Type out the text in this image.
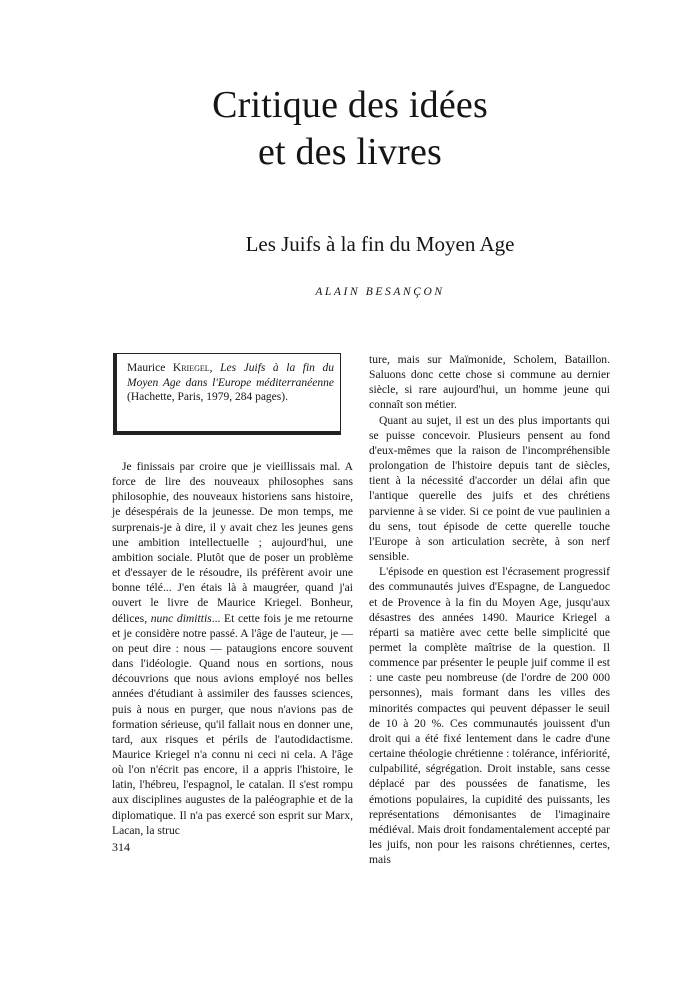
Critique des idées
et des livres
Les Juifs à la fin du Moyen Age
ALAIN BESANÇON
Maurice Kriegel, Les Juifs à la fin du Moyen Age dans l'Europe méditerranéenne (Hachette, Paris, 1979, 284 pages).

Je finissais par croire que je vieillissais mal. A force de lire des nouveaux philosophes sans philosophie, des nouveaux historiens sans histoire, je désespérais de la jeunesse. De mon temps, me surprenais-je à dire, il y avait chez les jeunes gens une ambition intellectuelle ; aujourd'hui, une ambition sociale. Plutôt que de poser un problème et d'essayer de le résoudre, ils préfèrent avoir une bonne télé... J'en étais là à maugréer, quand j'ai ouvert le livre de Maurice Kriegel. Bonheur, délices, nunc dimittis... Et cette fois je me retourne et je considère notre passé. A l'âge de l'auteur, je — on peut dire : nous — pataugions encore souvent dans l'idéologie. Quand nous en sortions, nous découvrions que nous avions employé nos belles années d'étudiant à assimiler des fausses sciences, puis à nous en purger, que nous n'avions pas de formation sérieuse, qu'il fallait nous en donner une, tard, aux risques et périls de l'autodidactisme. Maurice Kriegel n'a connu ni ceci ni cela. A l'âge où l'on n'écrit pas encore, il a appris l'histoire, le latin, l'hébreu, l'espagnol, le catalan. Il s'est rompu aux disciplines augustes de la paléographie et de la diplomatique. Il n'a pas exercé son esprit sur Marx, Lacan, la struc

ture, mais sur Maïmonide, Scholem, Bataillon. Saluons donc cette chose si commune au dernier siècle, si rare aujourd'hui, un homme jeune qui connaît son métier.

Quant au sujet, il est un des plus importants qui se puisse concevoir. Plusieurs pensent au fond d'eux-mêmes que la raison de l'incompréhensible prolongation de l'histoire depuis tant de siècles, tient à la nécessité d'accorder un délai afin que l'antique querelle des juifs et des chrétiens parvienne à se vider. Si ce point de vue paulinien a du sens, tout épisode de cette querelle touche l'Europe à son articulation secrète, à son nerf sensible.

L'épisode en question est l'écrasement progressif des communautés juives d'Espagne, de Languedoc et de Provence à la fin du Moyen Age, jusqu'aux désastres des années 1490. Maurice Kriegel a réparti sa matière avec cette belle simplicité que permet la complète maîtrise de la question. Il commence par présenter le peuple juif comme il est : une caste peu nombreuse (de l'ordre de 200 000 personnes), mais formant dans les villes des minorités compactes qui peuvent dépasser le seuil de 10 à 20 %. Ces communautés jouissent d'un droit qui a été fixé lentement dans le cadre d'une certaine théologie chrétienne : tolérance, infériorité, culpabilité, ségrégation. Droit instable, sans cesse déplacé par des poussées de fanatisme, les émotions populaires, la cupidité des puissants, les représentations démonisantes de l'imaginaire médiéval. Mais droit fondamentalement accepté par les juifs, non pour les raisons chrétiennes, certes, mais

314
